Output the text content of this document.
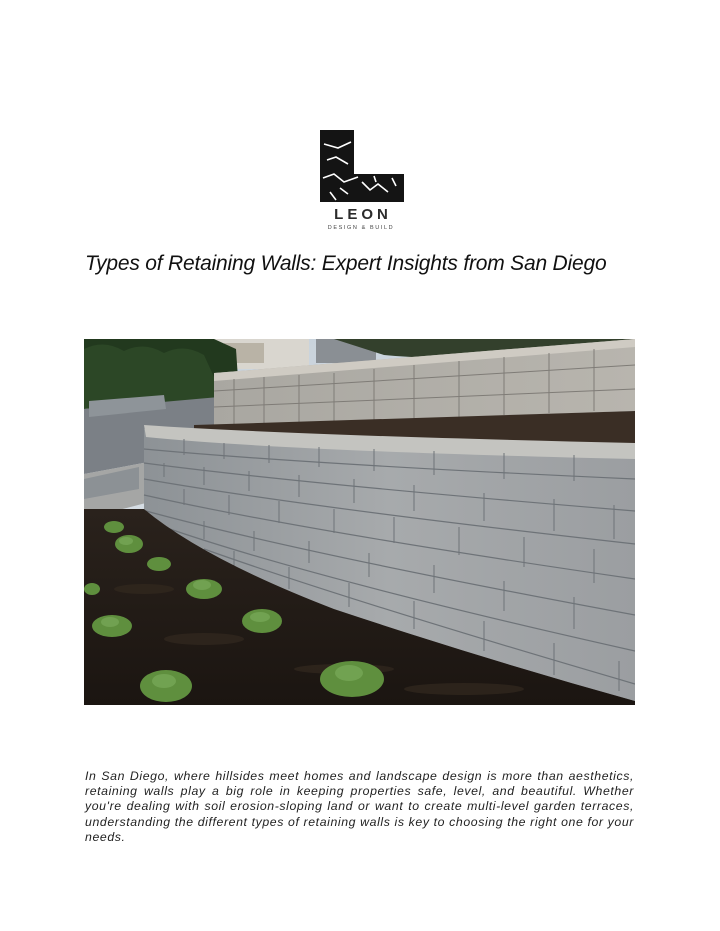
LEON
DESIGN & BUILD
Types of Retaining Walls: Expert Insights from San Diego

In San Diego, where hillsides meet homes and landscape design is more than aesthetics, retaining walls play a big role in keeping properties safe, level, and beautiful. Whether you're dealing with soil erosion-sloping land or want to create multi-level garden terraces, understanding the different types of retaining walls is key to choosing the right one for your needs.
